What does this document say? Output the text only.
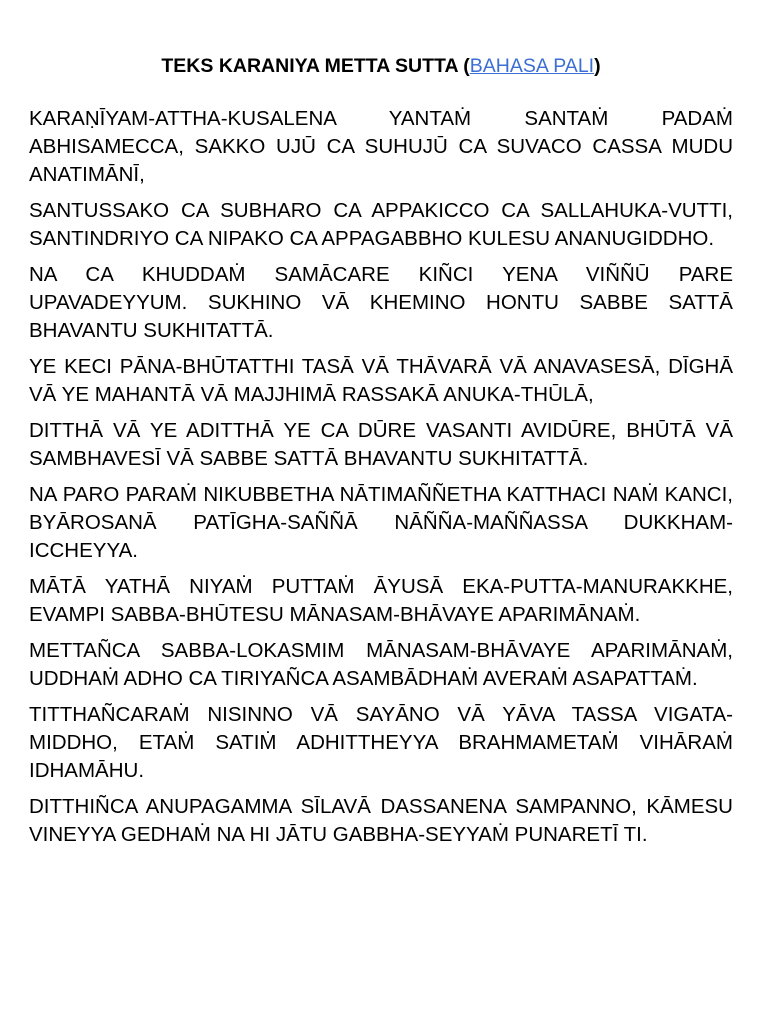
TEKS KARANIYA METTA SUTTA (BAHASA PALI)

KARAṆĪYAM-ATTHA-KUSALENA YANTAṀ SANTAṀ PADAṀ ABHISAMECCA, SAKKO UJŪ CA SUHUJŪ CA SUVACO CASSA MUDU ANATIMĀNĪ,

SANTUSSAKO CA SUBHARO CA APPAKICCO CA SALLAHUKA-VUTTI, SANTINDRIYO CA NIPAKO CA APPAGABBHO KULESU ANANUGIDDHO.

NA CA KHUDDAṀ SAMĀCARE KIÑCI YENA VIÑÑŪ PARE UPAVADEYYUM. SUKHINO VĀ KHEMINO HONTU SABBE SATTĀ BHAVANTU SUKHITATTĀ.

YE KECI PĀNA-BHŪTATTHI TASĀ VĀ THĀVARĀ VĀ ANAVASESĀ, DĪGHĀ VĀ YE MAHANTĀ VĀ MAJJHIMĀ RASSAKĀ ANUKA-THŪLĀ,

DITTHĀ VĀ YE ADITTHĀ YE CA DŪRE VASANTI AVIDŪRE, BHŪTĀ VĀ SAMBHAVESĪ VĀ SABBE SATTĀ BHAVANTU SUKHITATTĀ.

NA PARO PARAṀ NIKUBBETHA NĀTIMAÑÑETHA KATTHACI NAṀ KANCI, BYĀROSANĀ PATĪGHA-SAÑÑĀ NĀÑÑA-MAÑÑASSA DUKKHAM-ICCHEYYA.

MĀTĀ YATHĀ NIYAṀ PUTTAṀ ĀYUSĀ EKA-PUTTA-MANURAKKHE, EVAMPI SABBA-BHŪTESU MĀNASAM-BHĀVAYE APARIMĀNAṀ.

METTAÑCA SABBA-LOKASMIM MĀNASAM-BHĀVAYE APARIMĀNAṀ, UDDHAṀ ADHO CA TIRIYAÑCA ASAMBĀDHAṀ AVERAṀ ASAPATTAṀ.

TITTHAÑCARAṀ NISINNO VĀ SAYĀNO VĀ YĀVA TASSA VIGATA-MIDDHO, ETAṀ SATIṀ ADHITTHEYYA BRAHMAMETAṀ VIHĀRAṀ IDHAMĀHU.

DITTHIÑCA ANUPAGAMMA SĪLAVĀ DASSANENA SAMPANNO, KĀMESU VINEYYA GEDHAṀ NA HI JĀTU GABBHA-SEYYAṀ PUNARETĪ TI.
